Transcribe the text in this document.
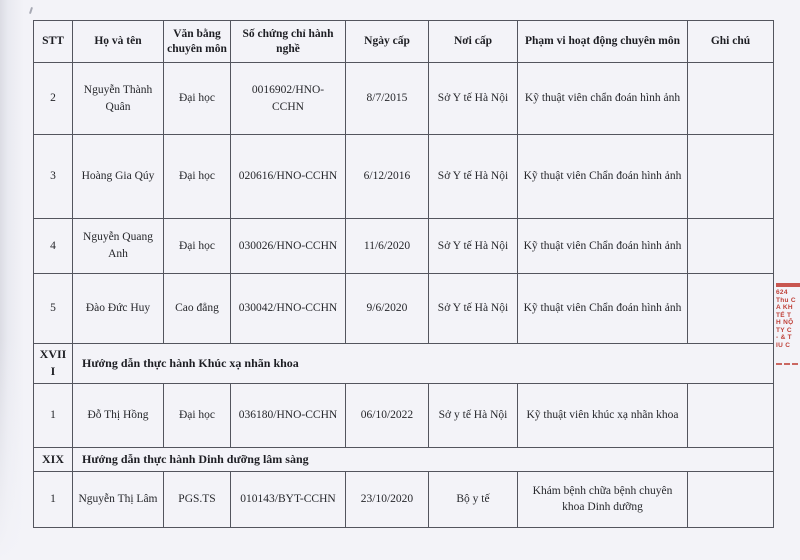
STT	Họ và tên	Văn bằng chuyên môn	Số chứng chỉ hành nghề	Ngày cấp	Nơi cấp	Phạm vi hoạt động chuyên môn	Ghi chú
2	Nguyễn Thành Quân	Đại học	0016902/HNO-CCHN	8/7/2015	Sở Y tế Hà Nội	Kỹ thuật viên chẩn đoán hình ảnh	
3	Hoàng Gia Qúy	Đại học	020616/HNO-CCHN	6/12/2016	Sở Y tế Hà Nội	Kỹ thuật viên Chẩn đoán hình ảnh	
4	Nguyễn Quang Anh	Đại học	030026/HNO-CCHN	11/6/2020	Sở Y tế Hà Nội	Kỹ thuật viên Chẩn đoán hình ảnh	
5	Đào Đức Huy	Cao đẳng	030042/HNO-CCHN	9/6/2020	Sở Y tế Hà Nội	Kỹ thuật viên Chẩn đoán hình ảnh	
XVIII	Hướng dẫn thực hành Khúc xạ nhãn khoa						
1	Đỗ Thị Hồng	Đại học	036180/HNO-CCHN	06/10/2022	Sở y tế Hà Nội	Kỹ thuật viên khúc xạ nhãn khoa	
XIX	Hướng dẫn thực hành Dinh dưỡng lâm sàng						
1	Nguyễn Thị Lâm	PGS.TS	010143/BYT-CCHN	23/10/2020	Bộ y tế	Khám bệnh chữa bệnh chuyên khoa Dinh dưỡng	
624
Thu C
A KH
TẾ T
H NỘ
TY C
- & T
IU C
